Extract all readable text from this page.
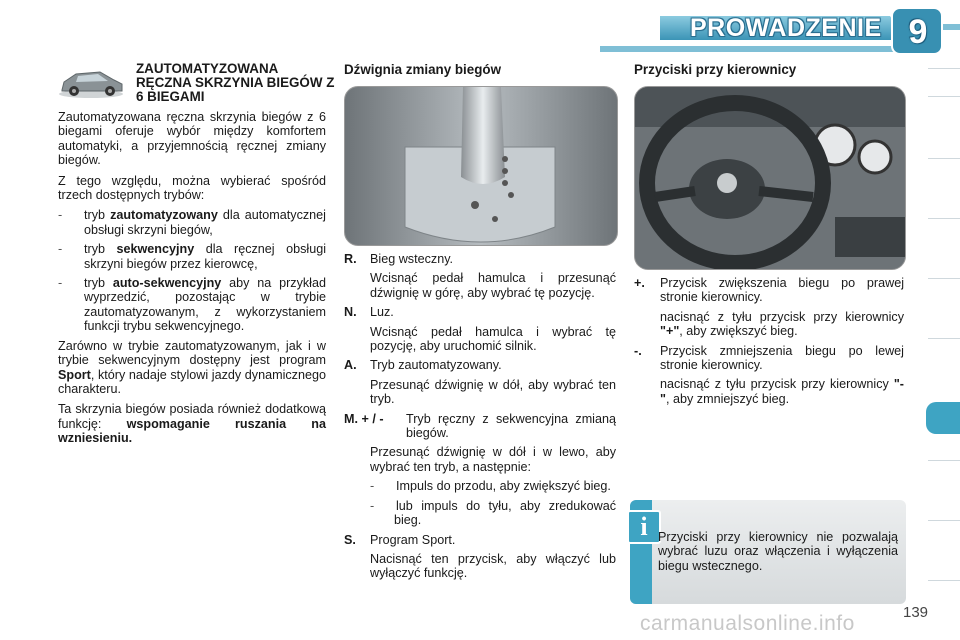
PROWADZENIE 9
ZAUTOMATYZOWANA RĘCZNA SKRZYNIA BIEGÓW Z 6 BIEGAMI

Zautomatyzowana ręczna skrzynia biegów z 6 biegami oferuje wybór między komfortem automatyki, a przyjemnością ręcznej zmiany biegów.

Z tego względu, można wybierać spośród trzech dostępnych trybów:

- tryb zautomatyzowany dla automatycznej obsługi skrzyni biegów,
- tryb sekwencyjny dla ręcznej obsługi skrzyni biegów przez kierowcę,
- tryb auto-sekwencyjny aby na przykład wyprzedzić, pozostając w trybie zautomatyzowanym, z wykorzystaniem funkcji trybu sekwencyjnego.

Zarówno w trybie zautomatyzowanym, jak i w trybie sekwencyjnym dostępny jest program Sport, który nadaje stylowi jazdy dynamicznego charakteru.

Ta skrzynia biegów posiada również dodatkową funkcję: wspomaganie ruszania na wzniesieniu.

Dźwignia zmiany biegów
R. Bieg wsteczny.
Wcisnąć pedał hamulca i przesunąć dźwignię w górę, aby wybrać tę pozycję.
N. Luz.
Wcisnąć pedał hamulca i wybrać tę pozycję, aby uruchomić silnik.
A. Tryb zautomatyzowany.
Przesunąć dźwignię w dół, aby wybrać ten tryb.
M. + / - Tryb ręczny z sekwencyjna zmianą biegów.
Przesunąć dźwignię w dół i w lewo, aby wybrać ten tryb, a następnie:
- Impuls do przodu, aby zwiększyć bieg.
- lub impuls do tyłu, aby zredukować bieg.
S. Program Sport.
Nacisnąć ten przycisk, aby włączyć lub wyłączyć funkcję.
Przyciski przy kierownicy
+. Przycisk zwiększenia biegu po prawej stronie kierownicy.
nacisnąć z tyłu przycisk przy kierownicy "+", aby zwiększyć bieg.
-. Przycisk zmniejszenia biegu po lewej stronie kierownicy.
nacisnąć z tyłu przycisk przy kierownicy "-", aby zmniejszyć bieg.
i Przyciski przy kierownicy nie pozwalają wybrać luzu oraz włączenia i wyłączenia biegu wstecznego.
carmanualsonline.info	139
